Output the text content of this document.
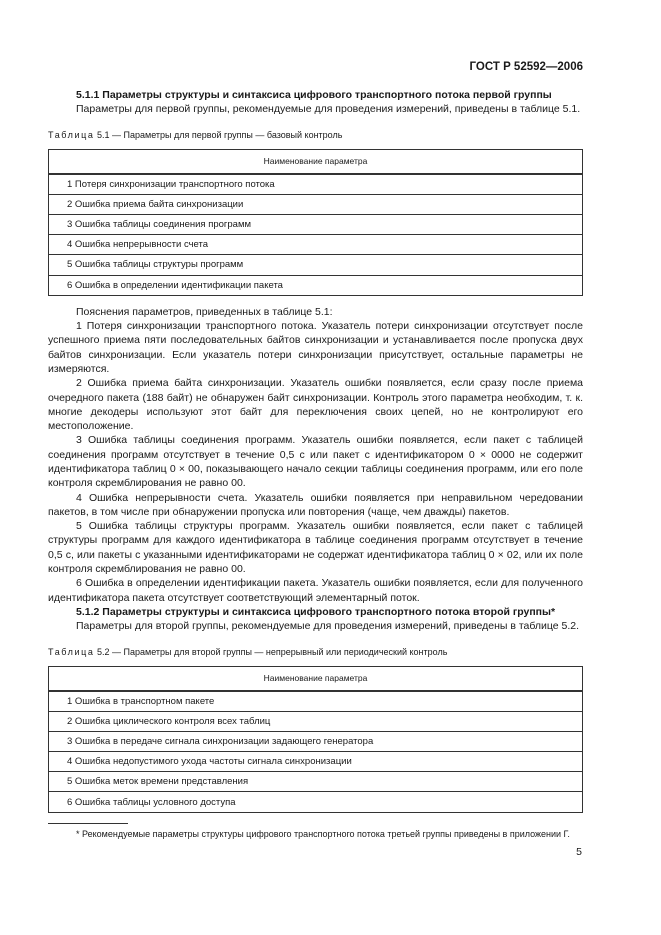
ГОСТ Р 52592—2006

5.1.1 Параметры структуры и синтаксиса цифрового транспортного потока первой группы

Параметры для первой группы, рекомендуемые для проведения измерений, приведены в таблице 5.1.

Таблица 5.1 — Параметры для первой группы — базовый контроль
Наименование параметра
1 Потеря синхронизации транспортного потока
2 Ошибка приема байта синхронизации
3 Ошибка таблицы соединения программ
4 Ошибка непрерывности счета
5 Ошибка таблицы структуры программ
6 Ошибка в определении идентификации пакета

Пояснения параметров, приведенных в таблице 5.1:

1 Потеря синхронизации транспортного потока. Указатель потери синхронизации отсутствует после успешного приема пяти последовательных байтов синхронизации и устанавливается после пропуска двух байтов синхронизации. Если указатель потери синхронизации присутствует, остальные параметры не измеряются.

2 Ошибка приема байта синхронизации. Указатель ошибки появляется, если сразу после приема очередного пакета (188 байт) не обнаружен байт синхронизации. Контроль этого параметра необходим, т. к. многие декодеры используют этот байт для переключения своих цепей, но не контролируют его местоположение.

3 Ошибка таблицы соединения программ. Указатель ошибки появляется, если пакет с таблицей соединения программ отсутствует в течение 0,5 с или пакет с идентификатором 0 × 0000 не содержит идентификатора таблиц 0 × 00, показывающего начало секции таблицы соединения программ, или его поле контроля скремблирования не равно 00.

4 Ошибка непрерывности счета. Указатель ошибки появляется при неправильном чередовании пакетов, в том числе при обнаружении пропуска или повторения (чаще, чем дважды) пакетов.

5 Ошибка таблицы структуры программ. Указатель ошибки появляется, если пакет с таблицей структуры программ для каждого идентификатора в таблице соединения программ отсутствует в течение 0,5 с, или пакеты с указанными идентификаторами не содержат идентификатора таблиц 0 × 02, или их поле контроля скремблирования не равно 00.

6 Ошибка в определении идентификации пакета. Указатель ошибки появляется, если для полученного идентификатора пакета отсутствует соответствующий элементарный поток.

5.1.2 Параметры структуры и синтаксиса цифрового транспортного потока второй группы*

Параметры для второй группы, рекомендуемые для проведения измерений, приведены в таблице 5.2.

Таблица 5.2 — Параметры для второй группы — непрерывный или периодический контроль
Наименование параметра
1 Ошибка в транспортном пакете
2 Ошибка циклического контроля всех таблиц
3 Ошибка в передаче сигнала синхронизации задающего генератора
4 Ошибка недопустимого ухода частоты сигнала синхронизации
5 Ошибка меток времени представления
6 Ошибка таблицы условного доступа

* Рекомендуемые параметры структуры цифрового транспортного потока третьей группы приведены в приложении Г.

5
